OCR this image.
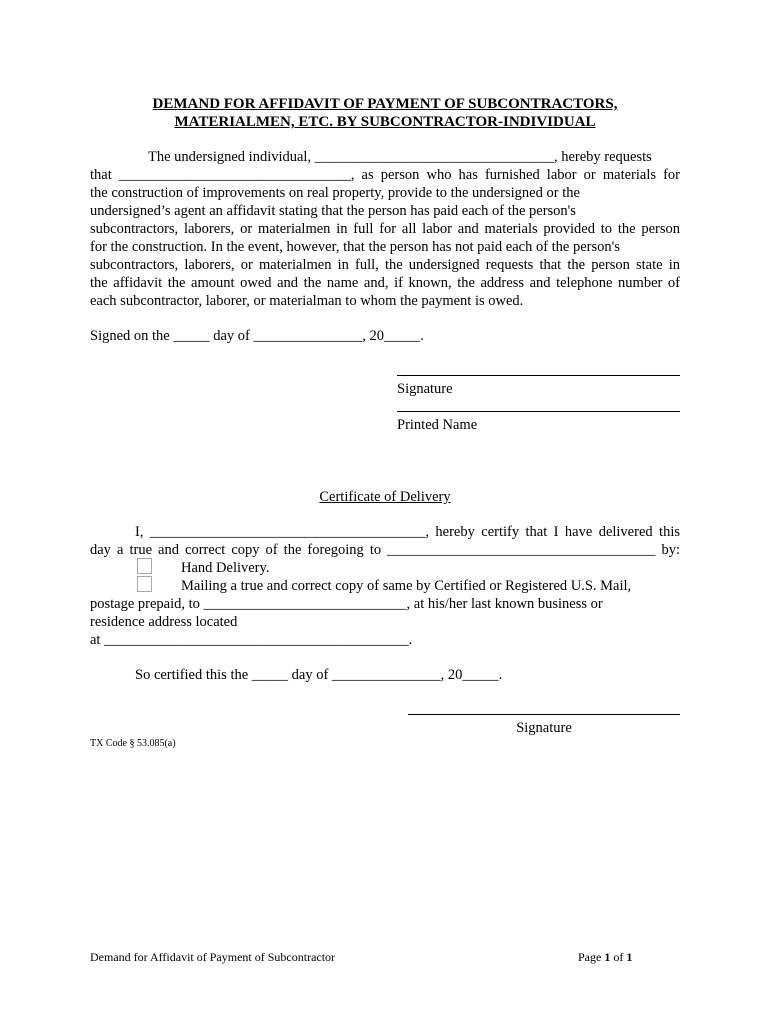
DEMAND FOR AFFIDAVIT OF PAYMENT OF SUBCONTRACTORS,
MATERIALMEN, ETC. BY SUBCONTRACTOR-INDIVIDUAL
The undersigned individual, _________________________________, hereby requests
that ________________________________, as person who has furnished labor or materials for
the construction of improvements on real property, provide to the undersigned or the
undersigned’s agent an affidavit stating that the person has paid each of the person's
subcontractors, laborers, or materialmen in full for all labor and materials provided to the person
for the construction. In the event, however, that the person has not paid each of the person's
subcontractors, laborers, or materialmen in full, the undersigned requests that the person state in
the affidavit the amount owed and the name and, if known, the address and telephone number of
each subcontractor, laborer, or materialman to whom the payment is owed.
Signed on the _____ day of _______________, 20_____.
Signature
Printed Name
Certificate of Delivery
I, ______________________________________, hereby certify that I have delivered this
day a true and correct copy of the foregoing to _____________________________________ by:
Hand Delivery.
Mailing a true and correct copy of same by Certified or Registered U.S. Mail,
postage prepaid, to ____________________________, at his/her last known business or
residence address located
at __________________________________________.
So certified this the _____ day of _______________, 20_____.
Signature
TX Code § 53.085(a)
Demand for Affidavit of Payment of Subcontractor	Page 1 of 1
